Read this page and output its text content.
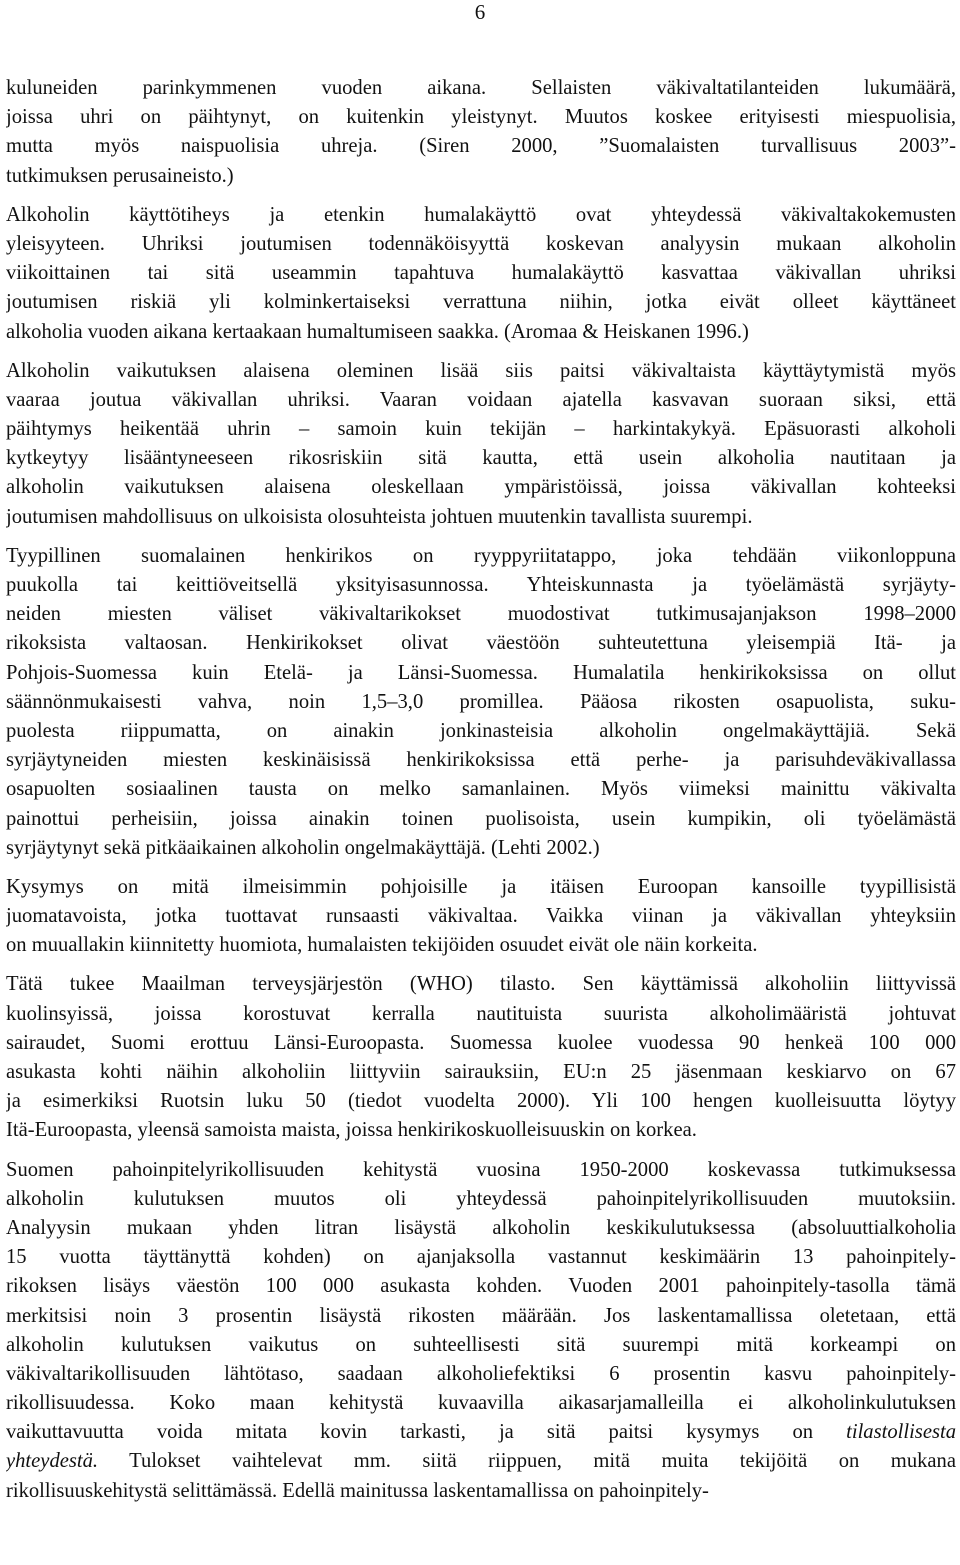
6
kuluneiden parinkymmenen vuoden aikana. Sellaisten väkivaltatilanteiden lukumäärä,
joissa uhri on päihtynyt, on kuitenkin yleistynyt. Muutos koskee erityisesti miespuolisia,
mutta myös naispuolisia uhreja. (Siren 2000, ”Suomalaisten turvallisuus 2003”-
tutkimuksen perusaineisto.)
Alkoholin käyttötiheys ja etenkin humalakäyttö ovat yhteydessä väkivaltakokemusten
yleisyyteen. Uhriksi joutumisen todennäköisyyttä koskevan analyysin mukaan alkoholin
viikoittainen tai sitä useammin tapahtuva humalakäyttö kasvattaa väkivallan uhriksi
joutumisen riskiä yli kolminkertaiseksi verrattuna niihin, jotka eivät olleet käyttäneet
alkoholia vuoden aikana kertaakaan humaltumiseen saakka. (Aromaa & Heiskanen 1996.)
Alkoholin vaikutuksen alaisena oleminen lisää siis paitsi väkivaltaista käyttäytymistä myös
vaaraa joutua väkivallan uhriksi. Vaaran voidaan ajatella kasvavan suoraan siksi, että
päihtymys heikentää uhrin – samoin kuin tekijän – harkintakykyä. Epäsuorasti alkoholi
kytkeytyy lisääntyneeseen rikosriskiin sitä kautta, että usein alkoholia nautitaan ja
alkoholin vaikutuksen alaisena oleskellaan ympäristöissä, joissa väkivallan kohteeksi
joutumisen mahdollisuus on ulkoisista olosuhteista johtuen muutenkin tavallista suurempi.
Tyypillinen suomalainen henkirikos on ryyppyriitatappo, joka tehdään viikonloppuna
puukolla tai keittiöveitsellä yksityisasunnossa. Yhteiskunnasta ja työelämästä syrjäyty-
neiden miesten väliset väkivaltarikokset muodostivat tutkimusajanjakson 1998–2000
rikoksista valtaosan. Henkirikokset olivat väestöön suhteutettuna yleisempiä Itä- ja
Pohjois-Suomessa kuin Etelä- ja Länsi-Suomessa. Humalatila henkirikoksissa on ollut
säännönmukaisesti vahva, noin 1,5–3,0 promillea. Pääosa rikosten osapuolista, suku-
puolesta riippumatta, on ainakin jonkinasteisia alkoholin ongelmakäyttäjiä. Sekä
syrjäytyneiden miesten keskinäisissä henkirikoksissa että perhe- ja parisuhdeväkivallassa
osapuolten sosiaalinen tausta on melko samanlainen. Myös viimeksi mainittu väkivalta
painottui perheisiin, joissa ainakin toinen puolisoista, usein kumpikin, oli työelämästä
syrjäytynyt sekä pitkäaikainen alkoholin ongelmakäyttäjä. (Lehti 2002.)
Kysymys on mitä ilmeisimmin pohjoisille ja itäisen Euroopan kansoille tyypillisistä
juomatavoista, jotka tuottavat runsaasti väkivaltaa. Vaikka viinan ja väkivallan yhteyksiin
on muuallakin kiinnitetty huomiota, humalaisten tekijöiden osuudet eivät ole näin korkeita.
Tätä tukee Maailman terveysjärjestön (WHO) tilasto. Sen käyttämissä alkoholiin liittyvissä
kuolinsyissä, joissa korostuvat kerralla nautituista suurista alkoholimääristä johtuvat
sairaudet, Suomi erottuu Länsi-Euroopasta. Suomessa kuolee vuodessa 90 henkeä 100 000
asukasta kohti näihin alkoholiin liittyviin sairauksiin, EU:n 25 jäsenmaan keskiarvo on 67
ja esimerkiksi Ruotsin luku 50 (tiedot vuodelta 2000). Yli 100 hengen kuolleisuutta löytyy
Itä-Euroopasta, yleensä samoista maista, joissa henkirikoskuolleisuuskin on korkea.
Suomen pahoinpitelyrikollisuuden kehitystä vuosina 1950-2000 koskevassa tutkimuksessa
alkoholin kulutuksen muutos oli yhteydessä pahoinpitelyrikollisuuden muutoksiin.
Analyysin mukaan yhden litran lisäystä alkoholin keskikulutuksessa (absoluuttialkoholia
15 vuotta täyttänyttä kohden) on ajanjaksolla vastannut keskimäärin 13 pahoinpitely-
rikoksen lisäys väestön 100 000 asukasta kohden. Vuoden 2001 pahoinpitely-tasolla tämä
merkitsisi noin 3 prosentin lisäystä rikosten määrään. Jos laskentamallissa oletetaan, että
alkoholin kulutuksen vaikutus on suhteellisesti sitä suurempi mitä korkeampi on
väkivaltarikollisuuden lähtötaso, saadaan alkoholiefektiksi 6 prosentin kasvu pahoinpitely-
rikollisuudessa. Koko maan kehitystä kuvaavilla aikasarjamalleilla ei alkoholinkulutuksen
vaikuttavuutta voida mitata kovin tarkasti, ja sitä paitsi kysymys on tilastollisesta
yhteydestä. Tulokset vaihtelevat mm. siitä riippuen, mitä muita tekijöitä on mukana
rikollisuuskehitystä selittämässä. Edellä mainitussa laskentamallissa on pahoinpitely-
